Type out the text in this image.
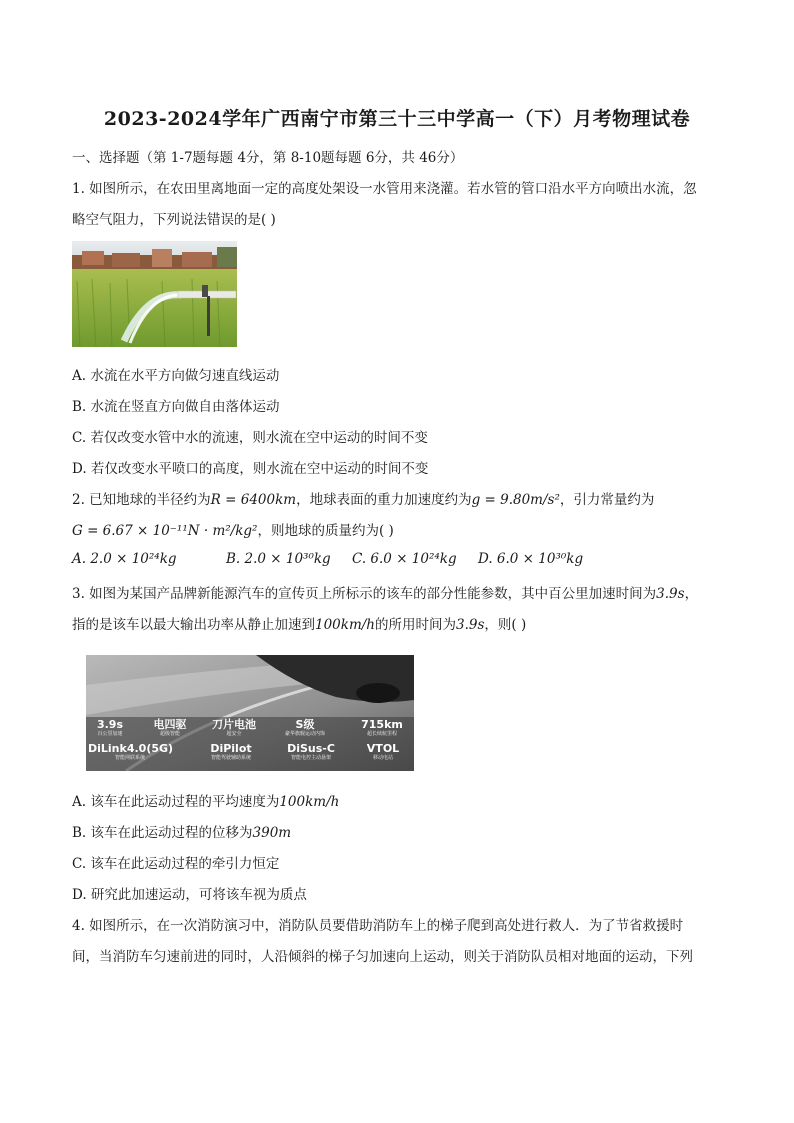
2023-2024学年广西南宁市第三十三中学高一（下）月考物理试卷
一、选择题（第 1-7题每题 4分，第 8-10题每题 6分，共 46分）
1. 如图所示，在农田里离地面一定的高度处架设一水管用来浇灌。若水管的管口沿水平方向喷出水流，忽
略空气阻力，下列说法错误的是( )
A. 水流在水平方向做匀速直线运动
B. 水流在竖直方向做自由落体运动
C. 若仅改变水管中水的流速，则水流在空中运动的时间不变
D. 若仅改变水平喷口的高度，则水流在空中运动的时间不变
2. 已知地球的半径约为R = 6400km，地球表面的重力加速度约为g = 9.80m/s²，引力常量约为
G = 6.67 × 10⁻¹¹N · m²/kg²，则地球的质量约为( )
A. 2.0 × 10²⁴kg	B. 2.0 × 10³⁰kg C. 6.0 × 10²⁴kg D. 6.0 × 10³⁰kg
3. 如图为某国产品牌新能源汽车的宣传页上所标示的该车的部分性能参数，其中百公里加速时间为3.9s，
指的是该车以最大输出功率从静止加速到100km/h的所用时间为3.9s，则( )
3.9s
百公里加速
电四驱
超级智能
刀片电池
超安全
S级
豪华旗舰运动内饰
715km
超长续航里程
DiLink4.0(5G)
智能网联系统
DiPilot
智能驾驶辅助系统
DiSus-C
智能电控主动悬架
VTOL
移动电站
A. 该车在此运动过程的平均速度为100km/h
B. 该车在此运动过程的位移为390m
C. 该车在此运动过程的牵引力恒定
D. 研究此加速运动，可将该车视为质点
4. 如图所示，在一次消防演习中，消防队员要借助消防车上的梯子爬到高处进行救人．为了节省救援时
间，当消防车匀速前进的同时，人沿倾斜的梯子匀加速向上运动，则关于消防队员相对地面的运动，下列
